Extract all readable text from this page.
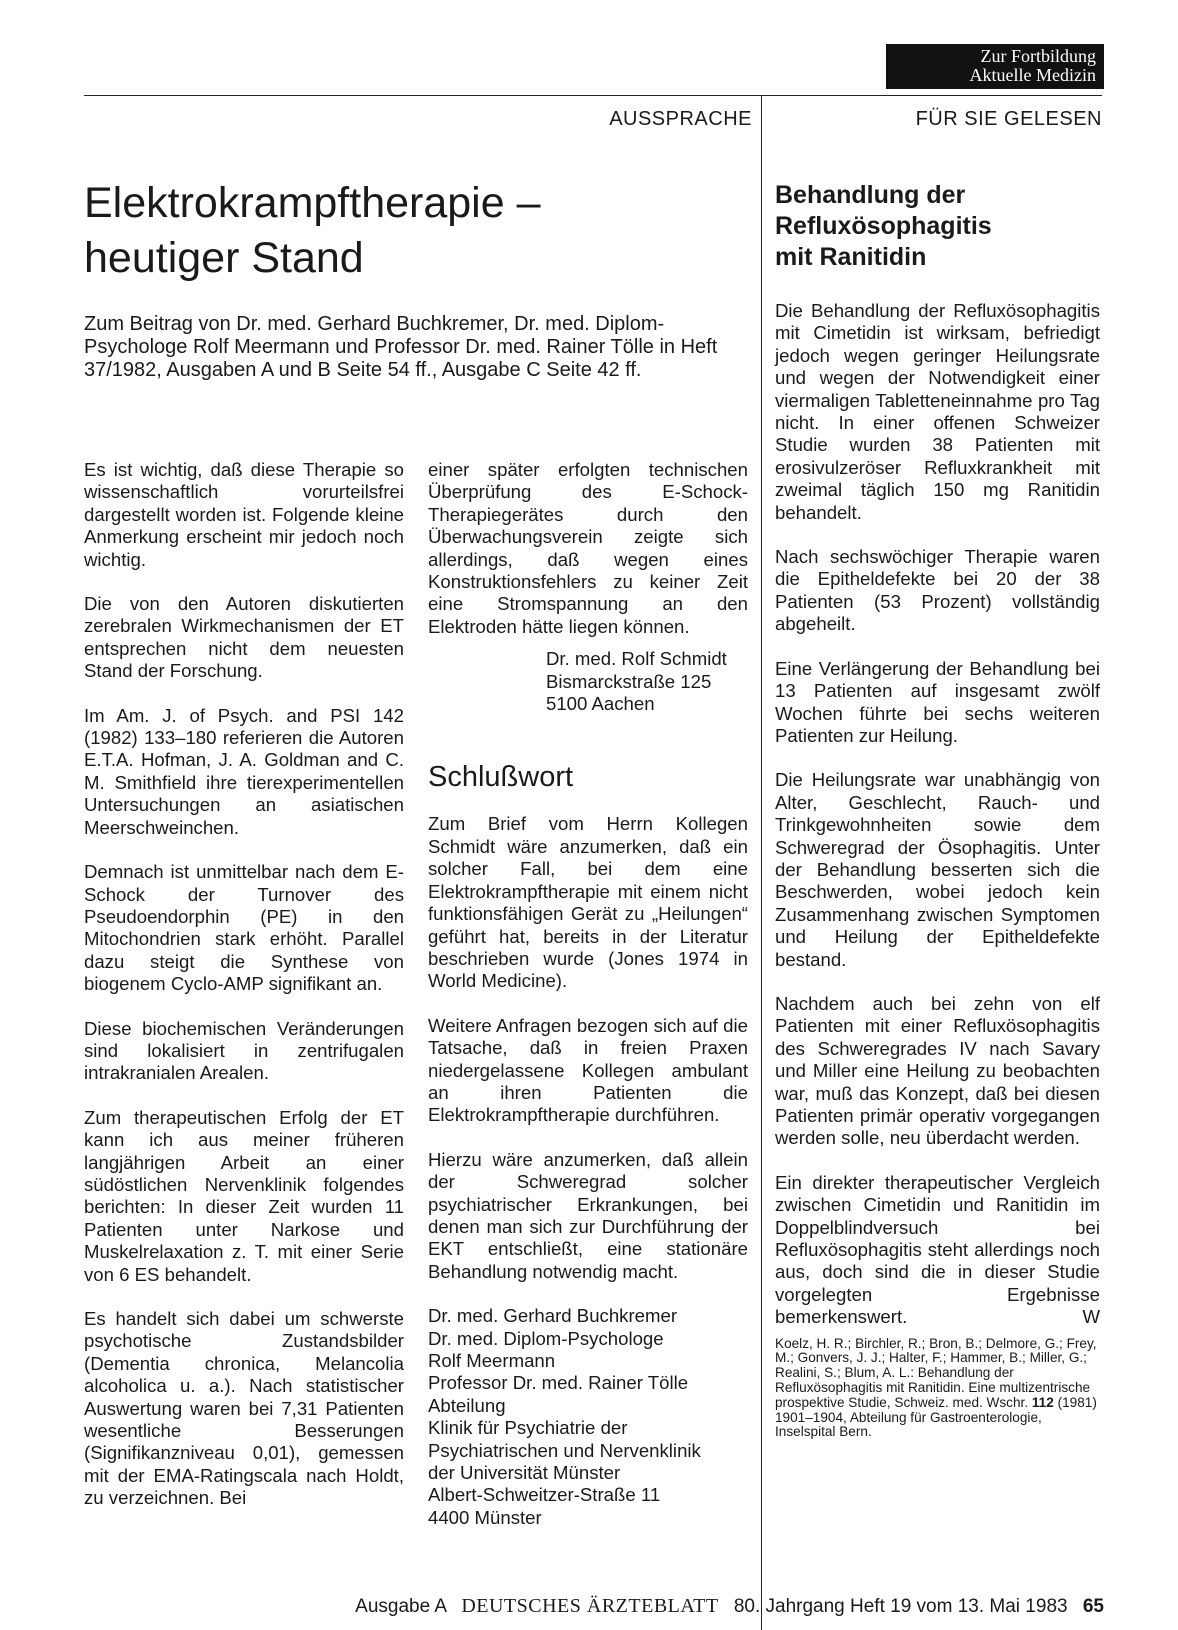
Zur Fortbildung
Aktuelle Medizin
AUSSPRACHE	FÜR SIE GELESEN
Elektrokrampftherapie –
heutiger Stand
Zum Beitrag von Dr. med. Gerhard Buchkremer, Dr. med. Diplom-Psychologe Rolf Meermann und Professor Dr. med. Rainer Tölle in Heft 37/1982, Ausgaben A und B Seite 54 ff., Ausgabe C Seite 42 ff.

Es ist wichtig, daß diese Therapie so wissenschaftlich vorurteilsfrei dargestellt worden ist. Folgende kleine Anmerkung erscheint mir jedoch noch wichtig.

Die von den Autoren diskutierten zerebralen Wirkmechanismen der ET entsprechen nicht dem neuesten Stand der Forschung.

Im Am. J. of Psych. and PSI 142 (1982) 133–180 referieren die Autoren E.T.A. Hofman, J. A. Goldman and C. M. Smithfield ihre tierexperimentellen Untersuchungen an asiatischen Meerschweinchen.

Demnach ist unmittelbar nach dem E-Schock der Turnover des Pseudoendorphin (PE) in den Mitochondrien stark erhöht. Parallel dazu steigt die Synthese von biogenem Cyclo-AMP signifikant an.

Diese biochemischen Veränderungen sind lokalisiert in zentrifugalen intrakranialen Arealen.

Zum therapeutischen Erfolg der ET kann ich aus meiner früheren langjährigen Arbeit an einer südöstlichen Nervenklinik folgendes berichten: In dieser Zeit wurden 11 Patienten unter Narkose und Muskelrelaxation z. T. mit einer Serie von 6 ES behandelt.

Es handelt sich dabei um schwerste psychotische Zustandsbilder (Dementia chronica, Melancolia alcoholica u. a.). Nach statistischer Auswertung waren bei 7,31 Patienten wesentliche Besserungen (Signifikanzniveau 0,01), gemessen mit der EMA-Ratingscala nach Holdt, zu verzeichnen. Bei

einer später erfolgten technischen Überprüfung des E-Schock-Therapiegerätes durch den Überwachungsverein zeigte sich allerdings, daß wegen eines Konstruktionsfehlers zu keiner Zeit eine Stromspannung an den Elektroden hätte liegen können.

Dr. med. Rolf Schmidt
Bismarckstraße 125
5100 Aachen
Schlußwort

Zum Brief vom Herrn Kollegen Schmidt wäre anzumerken, daß ein solcher Fall, bei dem eine Elektrokrampftherapie mit einem nicht funktionsfähigen Gerät zu „Heilungen“ geführt hat, bereits in der Literatur beschrieben wurde (Jones 1974 in World Medicine).

Weitere Anfragen bezogen sich auf die Tatsache, daß in freien Praxen niedergelassene Kollegen ambulant an ihren Patienten die Elektrokrampftherapie durchführen.

Hierzu wäre anzumerken, daß allein der Schweregrad solcher psychiatrischer Erkrankungen, bei denen man sich zur Durchführung der EKT entschließt, eine stationäre Behandlung notwendig macht.

Dr. med. Gerhard Buchkremer
Dr. med. Diplom-Psychologe
Rolf Meermann
Professor Dr. med. Rainer Tölle
Abteilung
Klinik für Psychiatrie der
Psychiatrischen und Nervenklinik
der Universität Münster
Albert-Schweitzer-Straße 11
4400 Münster
Behandlung der
Refluxösophagitis
mit Ranitidin

Die Behandlung der Refluxösophagitis mit Cimetidin ist wirksam, befriedigt jedoch wegen geringer Heilungsrate und wegen der Notwendigkeit einer viermaligen Tabletteneinnahme pro Tag nicht. In einer offenen Schweizer Studie wurden 38 Patienten mit erosivulzeröser Refluxkrankheit mit zweimal täglich 150 mg Ranitidin behandelt.

Nach sechswöchiger Therapie waren die Epitheldefekte bei 20 der 38 Patienten (53 Prozent) vollständig abgeheilt.

Eine Verlängerung der Behandlung bei 13 Patienten auf insgesamt zwölf Wochen führte bei sechs weiteren Patienten zur Heilung.

Die Heilungsrate war unabhängig von Alter, Geschlecht, Rauch- und Trinkgewohnheiten sowie dem Schweregrad der Ösophagitis. Unter der Behandlung besserten sich die Beschwerden, wobei jedoch kein Zusammenhang zwischen Symptomen und Heilung der Epitheldefekte bestand.

Nachdem auch bei zehn von elf Patienten mit einer Refluxösophagitis des Schweregrades IV nach Savary und Miller eine Heilung zu beobachten war, muß das Konzept, daß bei diesen Patienten primär operativ vorgegangen werden solle, neu überdacht werden.

Ein direkter therapeutischer Vergleich zwischen Cimetidin und Ranitidin im Doppelblindversuch bei Refluxösophagitis steht allerdings noch aus, doch sind die in dieser Studie vorgelegten Ergebnisse bemerkenswert.	W

Koelz, H. R.; Birchler, R.; Bron, B.; Delmore, G.; Frey, M.; Gonvers, J. J.; Halter, F.; Hammer, B.; Miller, G.; Realini, S.; Blum, A. L.: Behandlung der Refluxösophagitis mit Ranitidin. Eine multizentrische prospektive Studie, Schweiz. med. Wschr. 112 (1981) 1901–1904, Abteilung für Gastroenterologie, Inselspital Bern.
Ausgabe A DEUTSCHES ÄRZTEBLATT 80. Jahrgang Heft 19 vom 13. Mai 1983 65
